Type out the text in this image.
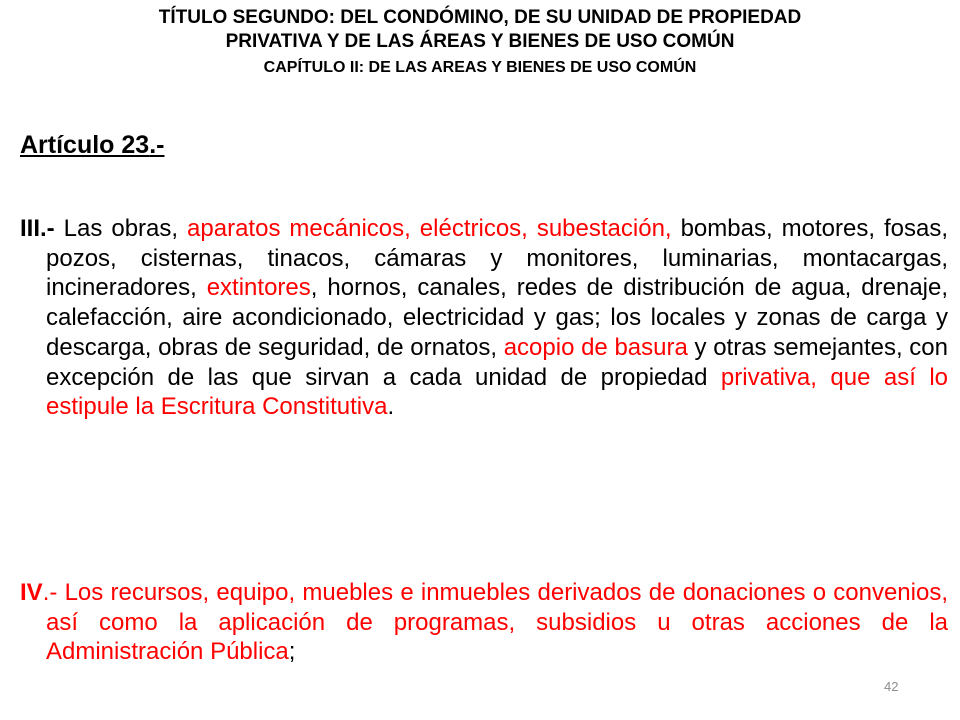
TÍTULO SEGUNDO: DEL CONDÓMINO, DE SU UNIDAD DE PROPIEDAD
PRIVATIVA Y DE LAS ÁREAS Y BIENES DE USO COMÚN
CAPÍTULO II: DE LAS AREAS Y BIENES DE USO COMÚN
Artículo 23.-
III.- Las obras, aparatos mecánicos, eléctricos, subestación, bombas, motores, fosas, pozos, cisternas, tinacos, cámaras y monitores, luminarias, montacargas, incineradores, extintores, hornos, canales, redes de distribución de agua, drenaje, calefacción, aire acondicionado, electricidad y gas; los locales y zonas de carga y descarga, obras de seguridad, de ornatos, acopio de basura y otras semejantes, con excepción de las que sirvan a cada unidad de propiedad privativa, que así lo estipule la Escritura Constitutiva.
IV.- Los recursos, equipo, muebles e inmuebles derivados de donaciones o convenios, así como la aplicación de programas, subsidios u otras acciones de la Administración Pública;
42
